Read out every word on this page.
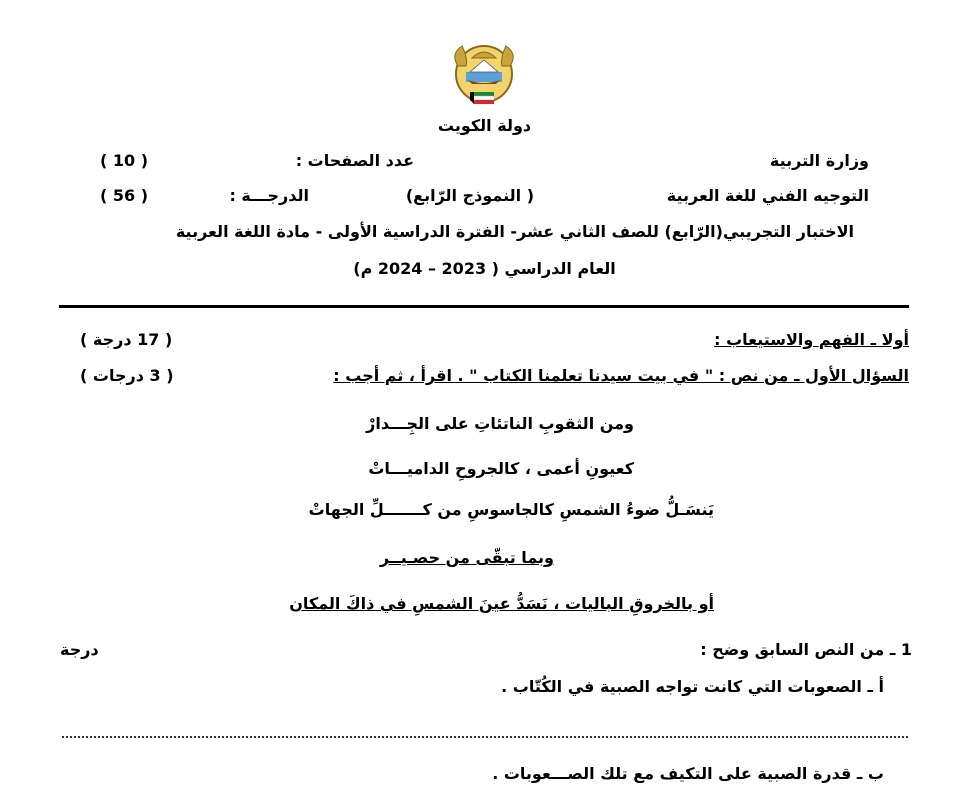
دولة الكويت
وزارة التربية
عدد الصفحات :
( 10 )
التوجيه الفني للغة العربية
( النموذج الرّابع)
الدرجـــة :
( 56 )
الاختبار التجريبي(الرّابع) للصف الثاني عشر- الفترة الدراسية الأولى - مادة اللغة العربية
العام الدراسي ( 2023 – 2024 م)
أولا ـ الفهم والاستيعاب :
( 17 درجة )
السؤال الأول ـ من نص : " في بيت سيدنا تعلمنا الكتاب " . اقرأ ، ثم أجب :
( 3 درجات )
ومن الثقوبِ الناتئاتِ على الجِـــدارْ
كعيونِ أعمى ، كالجروحِ الداميـــاتْ
يَنسَـلُّ ضوءُ الشمسِ كالجاسوسِ من كـــــــلِّ الجهاتْ
وبما تبقّى من حصـيــر
أو بالخروقِ الباليات ، نَسَدُّ عينَ الشمسِ في ذاكَ المكان
1 ـ من النص السابق وضح :
درجة
أ ـ الصعوبات التي كانت تواجه الصبية في الكُتّاب .
ب ـ قدرة الصبية على التكيف مع تلك الصـــعوبات .
